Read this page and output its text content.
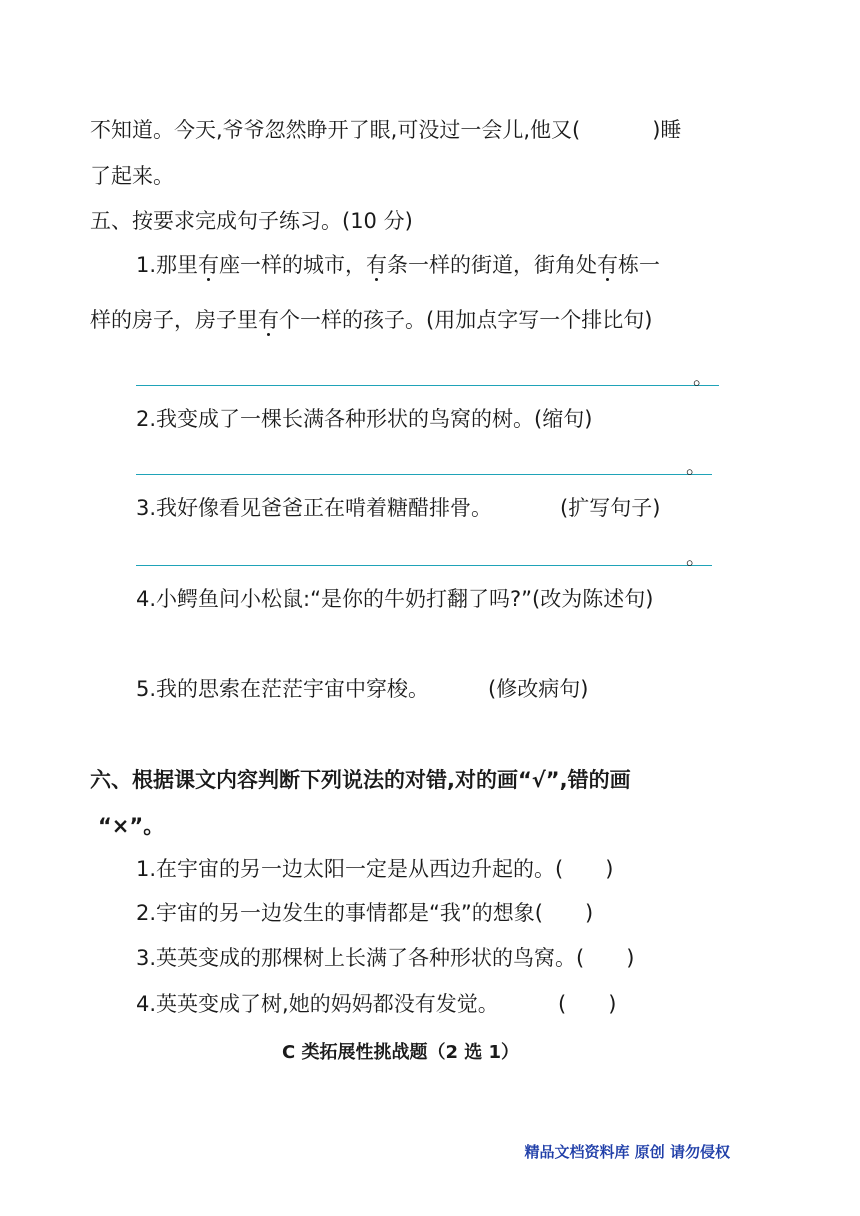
不知道。今天,爷爷忽然睁开了眼,可没过一会儿,他又(	)睡
了起来。
五、按要求完成句子练习。(10 分)
1.那里有座一样的城市，有条一样的街道，街角处有栋一
样的房子，房子里有个一样的孩子。(用加点字写一个排比句)
。
2.我变成了一棵长满各种形状的鸟窝的树。(缩句)
。
3.我好像看见爸爸正在啃着糖醋排骨。	(扩写句子)
。
4.小鳄鱼问小松鼠:“是你的牛奶打翻了吗?”(改为陈述句)
5.我的思索在茫茫宇宙中穿梭。	(修改病句)
六、根据课文内容判断下列说法的对错,对的画“√”,错的画
“×”。
1.在宇宙的另一边太阳一定是从西边升起的。( )
2.宇宙的另一边发生的事情都是“我”的想象( )
3.英英变成的那棵树上长满了各种形状的鸟窝。( )
4.英英变成了树,她的妈妈都没有发觉。	( )
C 类拓展性挑战题（2 选 1）
精品文档资料库 原创 请勿侵权
